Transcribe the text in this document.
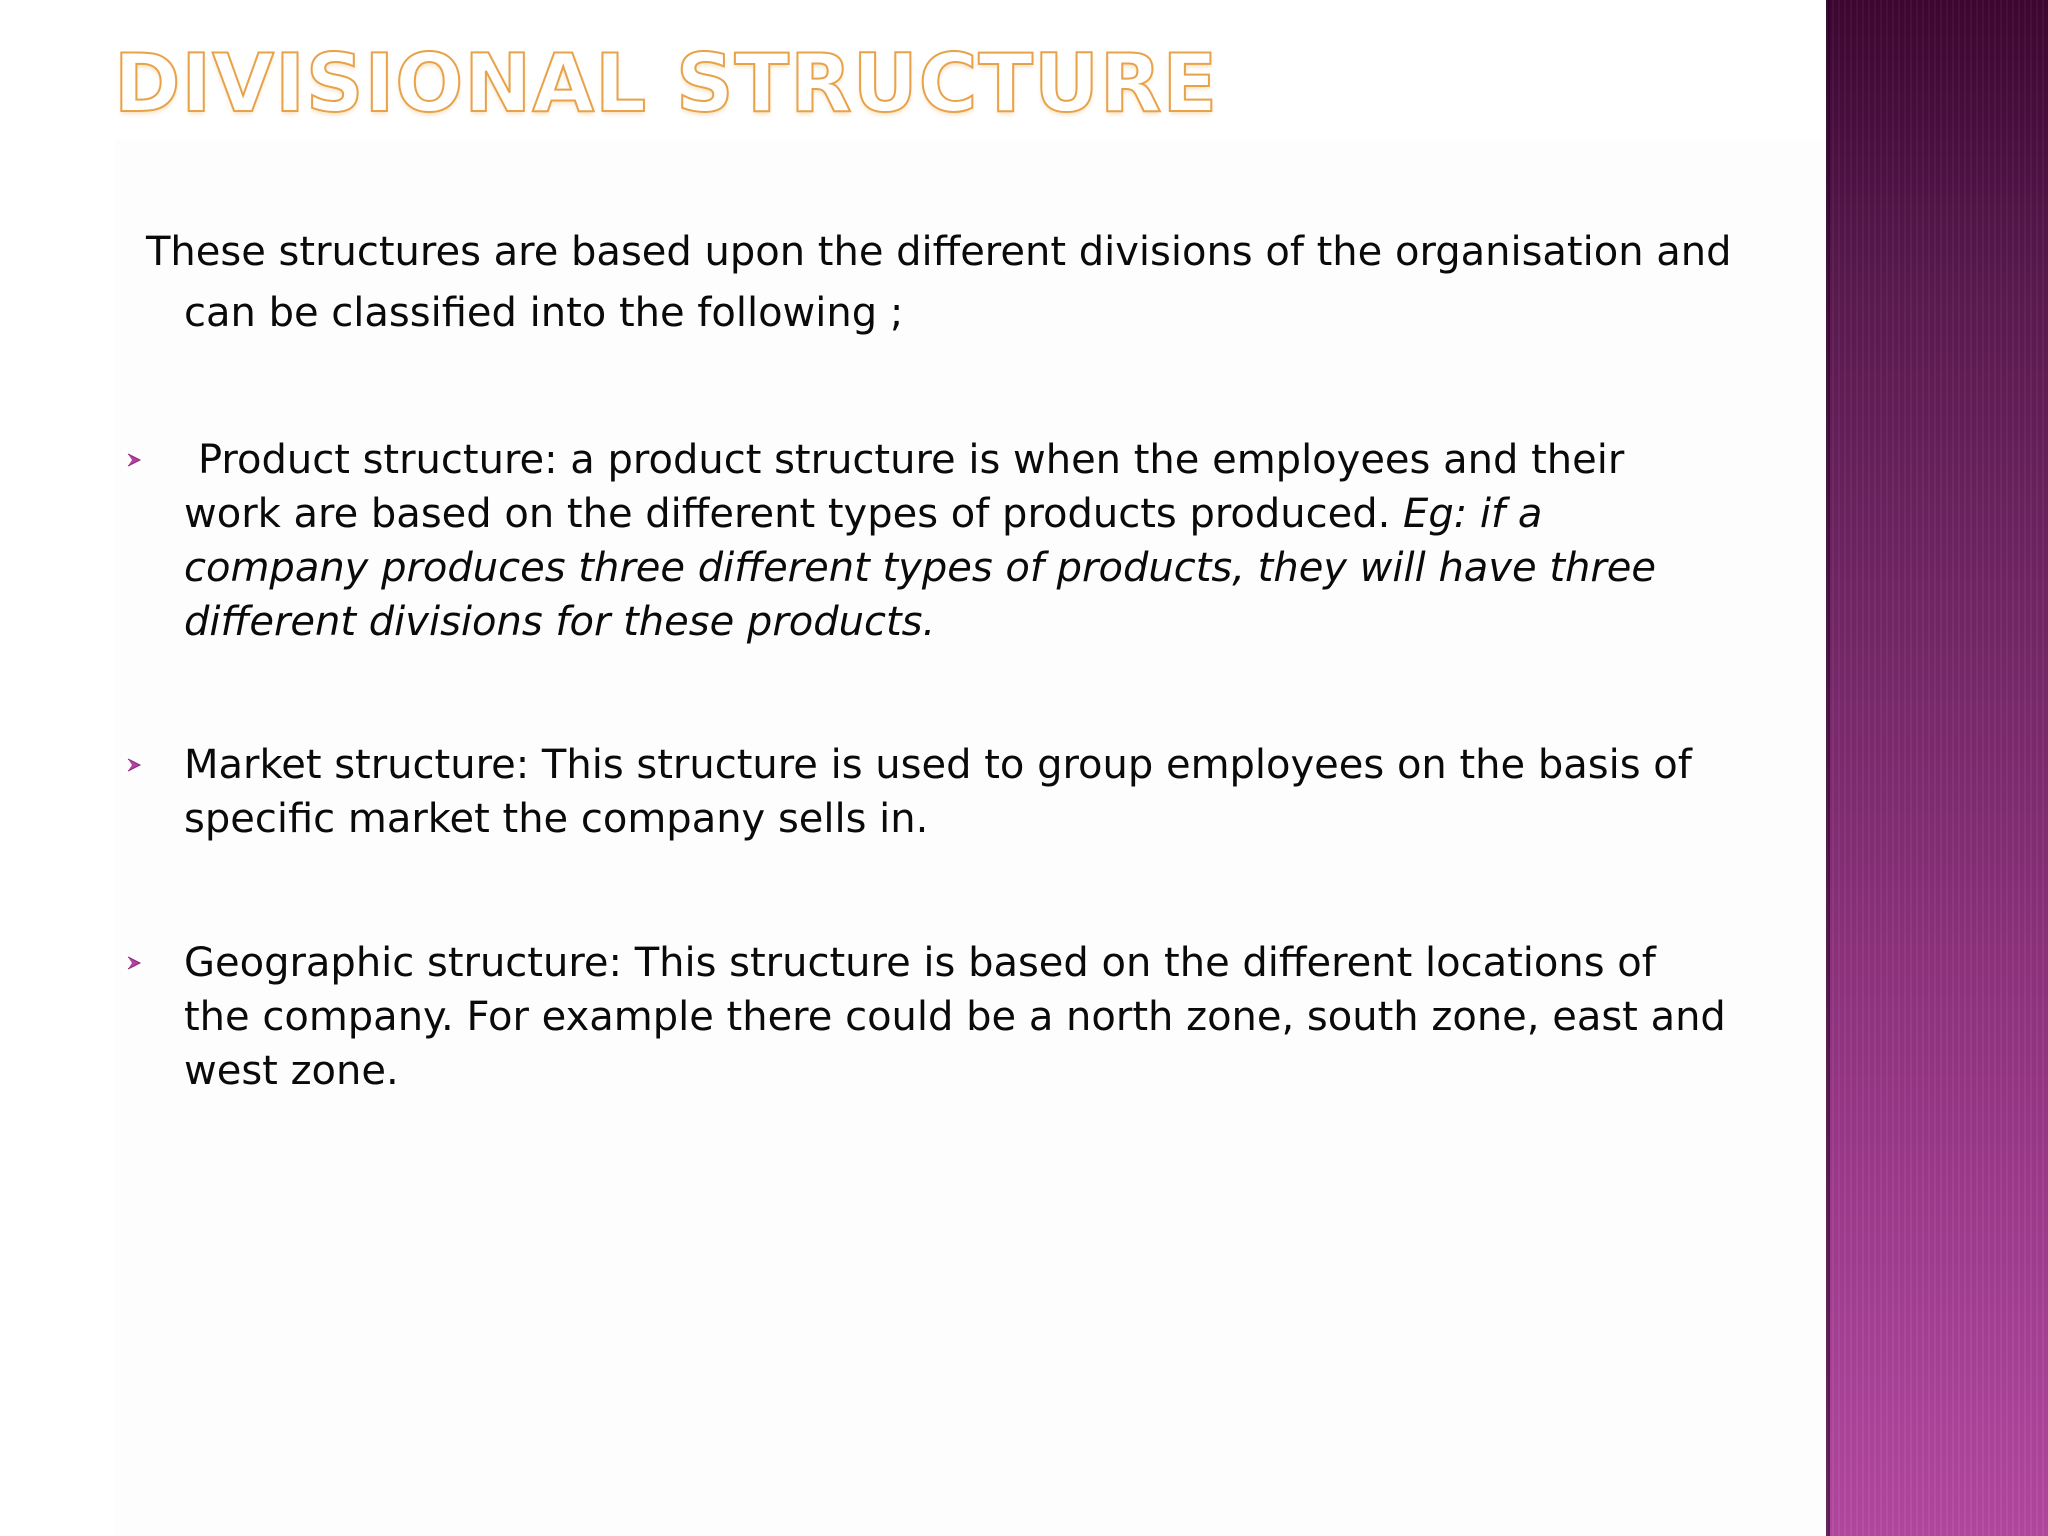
DIVISIONAL STRUCTURE
These structures are based upon the different divisions of the organisation and can be classified into the following ;
Product structure: a product structure is when the employees and their work are based on the different types of products produced. Eg: if a company produces three different types of products, they will have three different divisions for these products.
Market structure: This structure is used to group employees on the basis of specific market the company sells in.
Geographic structure: This structure is based on the different locations of the company. For example there could be a north zone, south zone, east and west zone.
